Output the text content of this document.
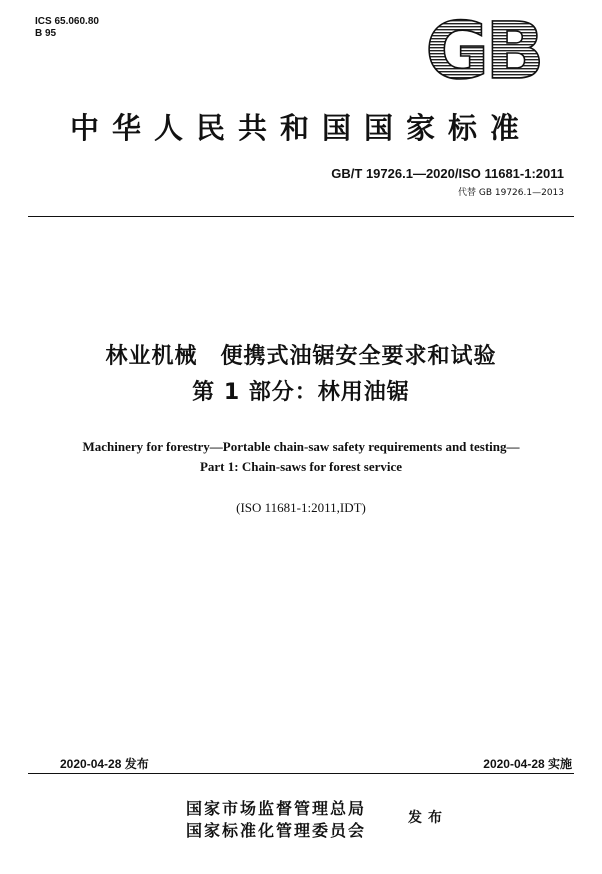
ICS 65.060.80
B 95	GB
中华人民共和国国家标准
GB/T 19726.1—2020/ISO 11681-1:2011
代替 GB 19726.1—2013
林业机械　便携式油锯安全要求和试验
第 1 部分：林用油锯
Machinery for forestry—Portable chain-saw safety requirements and testing—
Part 1: Chain-saws for forest service
(ISO 11681-1:2011,IDT)
2020-04-28 发布	2020-04-28 实施
国家市场监督管理总局
国家标准化管理委员会
发布
